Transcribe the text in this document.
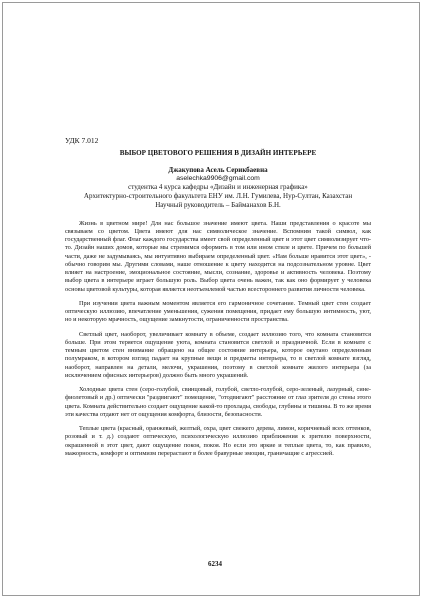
УДК 7.012
ВЫБОР ЦВЕТОВОГО РЕШЕНИЯ В ДИЗАЙН ИНТЕРЬЕРЕ
Джакупова Асель Серикбаевна
aselechka9906@gmail.com
студентка 4 курса кафедры «Дизайн и инженерная графика»
Архитектурно-строительного факультета ЕНУ им. Л.Н. Гумилева, Нур-Султан, Казахстан
Научный руководитель – Байманахов Б.Н.

Жизнь в цветном мире! Для нас большое значение имеют цвета. Наши представления о красоте мы связываем со цветом. Цвета имеют для нас символическое значение. Вспомним такой символ, как государственный флаг. Флаг каждого государства имеет свой определенный цвет и этот цвет символизирует что-то. Дизайн наших домов, которые мы стремимся оформить в том или ином стиле и цвете. Причем по большей части, даже не задумываясь, мы интуитивно выбираем определенный цвет. «Нам больше нравится этот цвет», - обычно говорим мы. Другими словами, наше отношение к цвету находится на подсознательном уровне. Цвет влияет на настроение, эмоциональное состояние, мысли, сознание, здоровье и активность человека. Поэтому выбор цвета в интерьере играет большую роль. Выбор цвета очень важен, так как оно формирует у человека основы цветовой культуры, которая является неотъемлемой частью всестороннего развития личности человека.

При изучении цвета важным моментом является его гармоничное сочетание. Темный цвет стен создает оптическую иллюзию, впечатление уменьшения, сужения помещения, придает ему большую интимность, уют, но и некоторую мрачность, ощущение замкнутости, ограниченности пространства.

Светлый цвет, наоборот, увеличивает комнату в объеме, создает иллюзию того, что комната становится больше. При этом теряется ощущение уюта, комната становится светлой и праздничной. Если в комнате с темным цветом стен внимание обращено на общее состояние интерьера, которое окутано определенным полумраком, в котором взгляд падает на крупные вещи и предметы интерьера, то в светлой комнате взгляд, наоборот, направлен на детали, мелочи, украшения, поэтому в светлой комнате жилого интерьера (за исключением офисных интерьеров) должно быть много украшений.

Холодные цвета стен (серо-голубой, свинцовый, голубой, светло-голубой, серо-зеленый, лазурный, сине-фиолетовый и др.) оптически "раздвигают" помещение, "отодвигают" расстояние от глаз зрителя до стены этого цвета. Комната действительно создает ощущение какой-то прохлады, свободы, глубины и тишины. В то же время эти качества отдают нет от ощущения комфорта, близости, безопасности.

Теплые цвета (красный, оранжевый, желтый, охра, цвет свежего дерева, лимон, коричневый всех оттенков, розовый и т. д.) создают оптическую, психологическую иллюзию приближения к зрителю поверхности, окрашенной в этот цвет, дают ощущение покоя, покоя. Но если это яркие и теплые цвета, то, как правило, мажорность, комфорт и оптимизм перерастают в более бравурные эмоции, граничащие с агрессией.

6234
